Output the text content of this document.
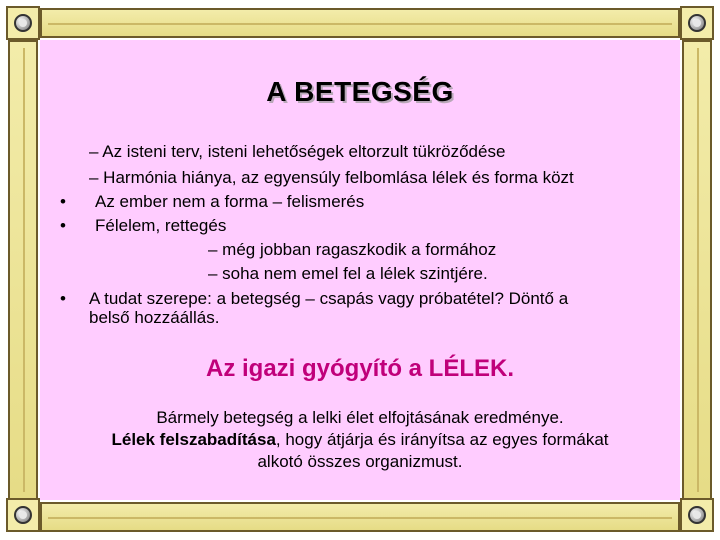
A BETEGSÉG
– Az isteni terv, isteni lehetőségek eltorzult tükröződése
– Harmónia hiánya, az egyensúly felbomlása lélek és forma közt
• Az ember nem a forma – felismerés
• Félelem, rettegés
– még jobban ragaszkodik a formához
– soha nem emel fel a lélek szintjére.
• A tudat szerepe: a betegség – csapás vagy próbatétel? Döntő a
belső hozzáállás.
Az igazi gyógyító a LÉLEK.
Bármely betegség a lelki élet elfojtásának eredménye.
Lélek felszabadítása, hogy átjárja és irányítsa az egyes formákat
alkotó összes organizmust.
